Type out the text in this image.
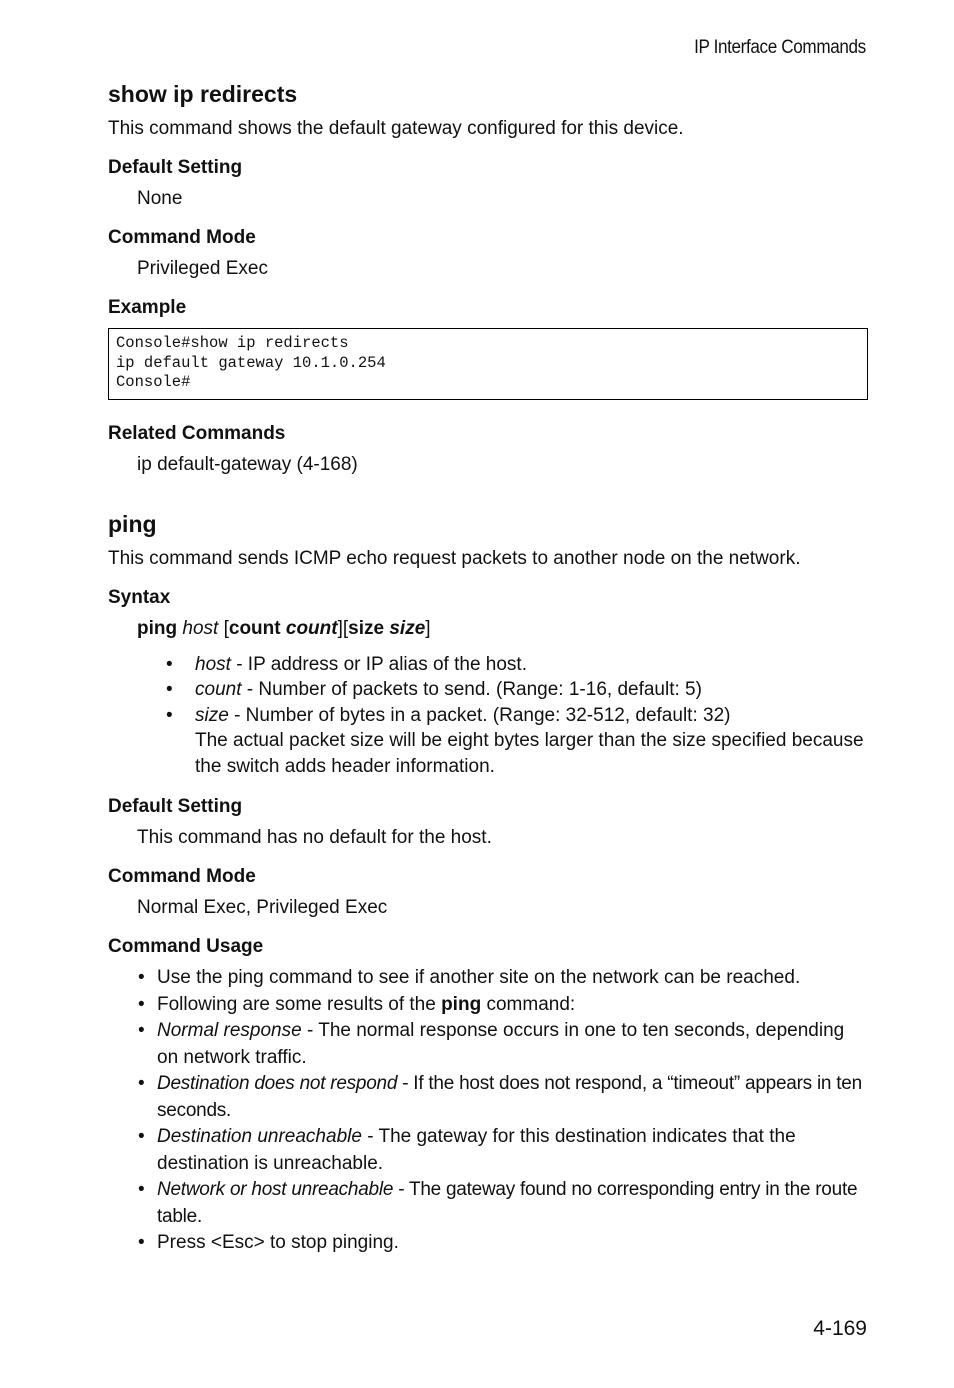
IP Interface Commands
show ip redirects
This command shows the default gateway configured for this device.
Default Setting
None
Command Mode
Privileged Exec
Example
Console#show ip redirects
ip default gateway 10.1.0.254
Console#
Related Commands
ip default-gateway (4-168)
ping
This command sends ICMP echo request packets to another node on the network.
Syntax
ping host [count count][size size]
• host - IP address or IP alias of the host.
• count - Number of packets to send. (Range: 1-16, default: 5)
• size - Number of bytes in a packet. (Range: 32-512, default: 32)
The actual packet size will be eight bytes larger than the size specified because the switch adds header information.
Default Setting
This command has no default for the host.
Command Mode
Normal Exec, Privileged Exec
Command Usage
• Use the ping command to see if another site on the network can be reached.
• Following are some results of the ping command:
• Normal response - The normal response occurs in one to ten seconds, depending on network traffic.
• Destination does not respond - If the host does not respond, a “timeout” appears in ten seconds.
• Destination unreachable - The gateway for this destination indicates that the destination is unreachable.
• Network or host unreachable - The gateway found no corresponding entry in the route table.
• Press <Esc> to stop pinging.
4-169
